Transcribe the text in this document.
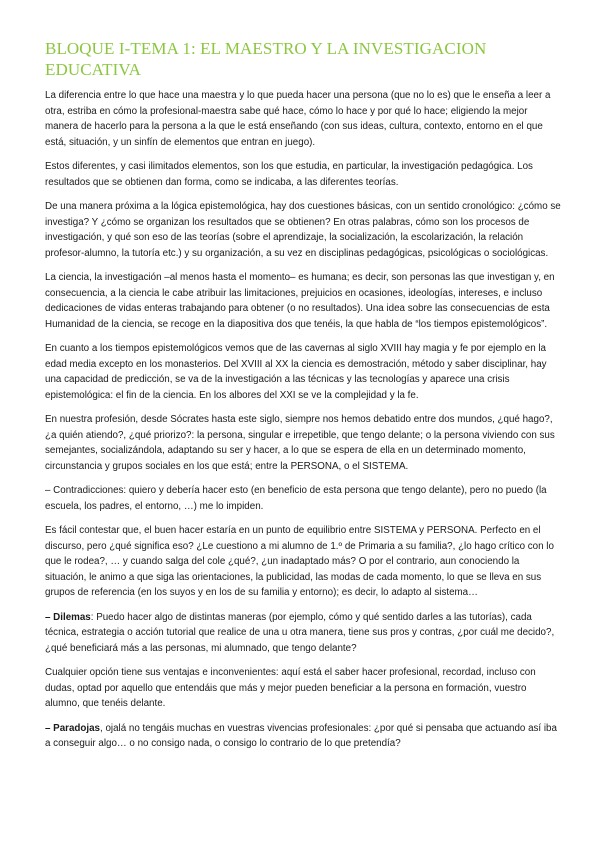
BLOQUE I-TEMA 1: EL MAESTRO Y LA INVESTIGACION EDUCATIVA

La diferencia entre lo que hace una maestra y lo que pueda hacer una persona (que no lo es) que le enseña a leer a otra, estriba en cómo la profesional-maestra sabe qué hace, cómo lo hace y por qué lo hace; eligiendo la mejor manera de hacerlo para la persona a la que le está enseñando (con sus ideas, cultura, contexto, entorno en el que está, situación, y un sinfín de elementos que entran en juego).

Estos diferentes, y casi ilimitados elementos, son los que estudia, en particular, la investigación pedagógica. Los resultados que se obtienen dan forma, como se indicaba, a las diferentes teorías.

De una manera próxima a la lógica epistemológica, hay dos cuestiones básicas, con un sentido cronológico: ¿cómo se investiga? Y ¿cómo se organizan los resultados que se obtienen? En otras palabras, cómo son los procesos de investigación, y qué son eso de las teorías (sobre el aprendizaje, la socialización, la escolarización, la relación profesor-alumno, la tutoría etc.) y su organización, a su vez en disciplinas pedagógicas, psicológicas o sociológicas.

La ciencia, la investigación –al menos hasta el momento– es humana; es decir, son personas las que investigan y, en consecuencia, a la ciencia le cabe atribuir las limitaciones, prejuicios en ocasiones, ideologías, intereses, e incluso dedicaciones de vidas enteras trabajando para obtener (o no resultados). Una idea sobre las consecuencias de esta Humanidad de la ciencia, se recoge en la diapositiva dos que tenéis, la que habla de “los tiempos epistemológicos”.

En cuanto a los tiempos epistemológicos vemos que de las cavernas al siglo XVIII hay magia y fe por ejemplo en la edad media excepto en los monasterios. Del XVIII al XX la ciencia es demostración, método y saber disciplinar, hay una capacidad de predicción, se va de la investigación a las técnicas y las tecnologías y aparece una crisis epistemológica: el fin de la ciencia. En los albores del XXI se ve la complejidad y la fe.

En nuestra profesión, desde Sócrates hasta este siglo, siempre nos hemos debatido entre dos mundos, ¿qué hago?, ¿a quién atiendo?, ¿qué priorizo?: la persona, singular e irrepetible, que tengo delante; o la persona viviendo con sus semejantes, socializándola, adaptando su ser y hacer, a lo que se espera de ella en un determinado momento, circunstancia y grupos sociales en los que está; entre la PERSONA, o el SISTEMA.

– Contradicciones: quiero y debería hacer esto (en beneficio de esta persona que tengo delante), pero no puedo (la escuela, los padres, el entorno, …) me lo impiden.

Es fácil contestar que, el buen hacer estaría en un punto de equilibrio entre SISTEMA y PERSONA. Perfecto en el discurso, pero ¿qué significa eso? ¿Le cuestiono a mi alumno de 1.º de Primaria a su familia?, ¿lo hago crítico con lo que le rodea?, … y cuando salga del cole ¿qué?, ¿un inadaptado más? O por el contrario, aun conociendo la situación, le animo a que siga las orientaciones, la publicidad, las modas de cada momento, lo que se lleva en sus grupos de referencia (en los suyos y en los de su familia y entorno); es decir, lo adapto al sistema…

– Dilemas: Puedo hacer algo de distintas maneras (por ejemplo, cómo y qué sentido darles a las tutorías), cada técnica, estrategia o acción tutorial que realice de una u otra manera, tiene sus pros y contras, ¿por cuál me decido?, ¿qué beneficiará más a las personas, mi alumnado, que tengo delante?

Cualquier opción tiene sus ventajas e inconvenientes: aquí está el saber hacer profesional, recordad, incluso con dudas, optad por aquello que entendáis que más y mejor pueden beneficiar a la persona en formación, vuestro alumno, que tenéis delante.

– Paradojas, ojalá no tengáis muchas en vuestras vivencias profesionales: ¿por qué si pensaba que actuando así iba a conseguir algo… o no consigo nada, o consigo lo contrario de lo que pretendía?
